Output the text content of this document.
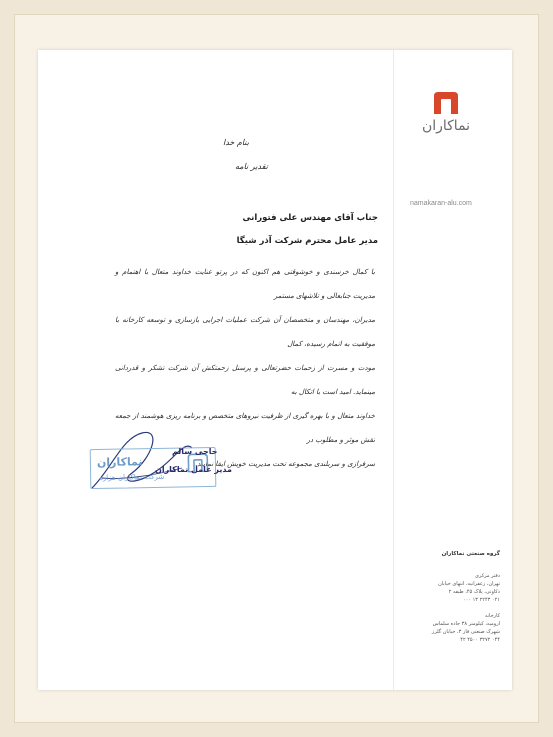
نماکاران
namakaran-alu.com
بنام خدا
تقدیر نامه
جناب آقای مهندس علی فتورانی
مدیر عامل محترم شرکت آذر شیگا

با کمال خرسندی و خوشوقتی هم اکنون که در پرتو عنایت خداوند متعال با اهتمام و مدیریت جنابعالی و تلاشهای مستمر

مدیران، مهندسان و متخصصان آن شرکت عملیات اجرایی بازسازی و توسعه کارخانه با موفقیت به اتمام رسیده، کمال

مودت و مسرت از زحمات حضرتعالی و پرسنل زحمتکش آن شرکت تشکر و قدردانی مینماید. امید است با اتکال به

خداوند متعال و با بهره گیری از ظرفیت نیروهای متخصص و برنامه ریزی هوشمند از جمعه نقش موثر و مطلوب در

سرفرازی و سربلندی مجموعه تحت مدیریت خویش ایفا نمایید.

نماکاران
شرکت نماکاران هزاره
حاجی سالم
مدیر عامل نماکاران
گروه صنعتی نماکاران

دفتر مرکزی

تهران، زعفرانیه، انتهای خیابان

ذکاوتی، پلاک ۴۵، طبقه ۲

۰۲۱ ۲۲۴۳ ۱۳ ۰۰۰

کارخانه

ارومیه، کیلومتر ۳۸ جاده سلماس

شهرک صنعتی فاز ۳، خیابان گلرز

۰۴۴ ۳۲۷۲ ۴۵۰۰ ۴۲
